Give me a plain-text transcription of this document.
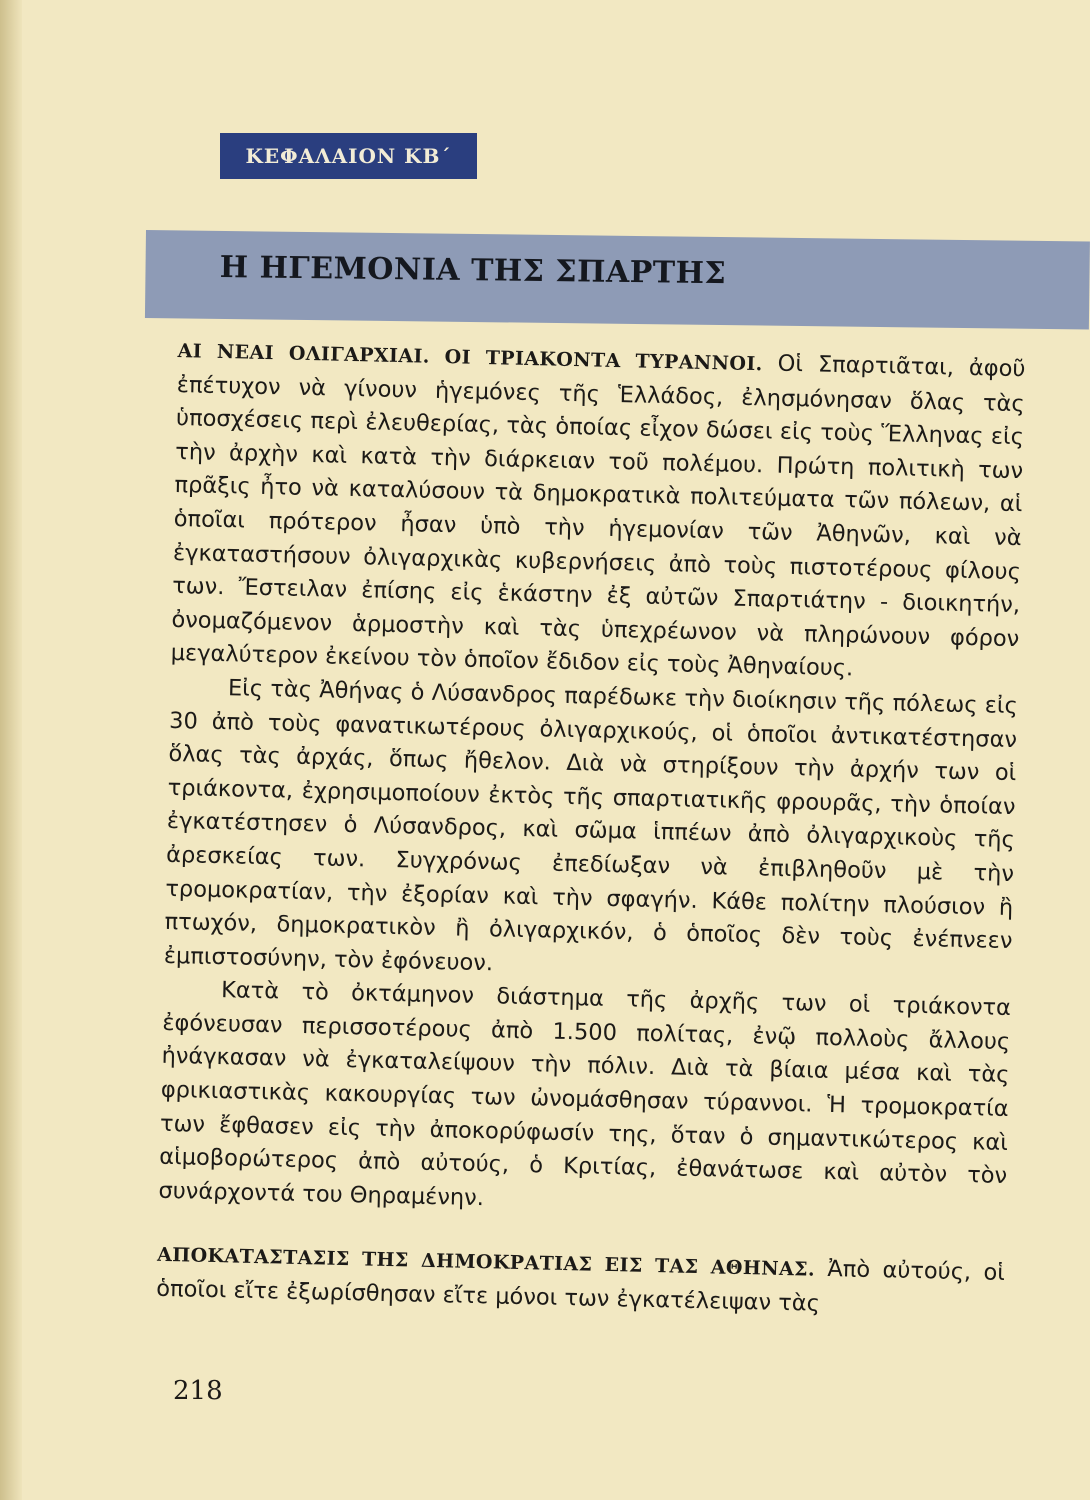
ΚΕΦΑΛΑΙΟΝ ΚΒ΄
Η ΗΓΕΜΟΝΙΑ ΤΗΣ ΣΠΑΡΤΗΣ

ΑΙ ΝΕΑΙ ΟΛΙΓΑΡΧΙΑΙ. ΟΙ ΤΡΙΑΚΟΝΤΑ ΤΥΡΑΝΝΟΙ. Οἱ Σπαρτιᾶται, ἀφοῦ ἐπέτυχον νὰ γίνουν ἡγεμόνες τῆς Ἑλλάδος, ἐλησμόνησαν ὅλας τὰς ὑποσχέσεις περὶ ἐλευθερίας, τὰς ὁποίας εἶχον δώσει εἰς τοὺς Ἕλληνας εἰς τὴν ἀρχὴν καὶ κατὰ τὴν διάρκειαν τοῦ πολέμου. Πρώτη πολιτικὴ των πρᾶξις ἦτο νὰ καταλύσουν τὰ δημοκρατικὰ πολιτεύματα τῶν πόλεων, αἱ ὁποῖαι πρότερον ἦσαν ὑπὸ τὴν ἡγεμονίαν τῶν Ἀθηνῶν, καὶ νὰ ἐγκαταστήσουν ὀλιγαρχικὰς κυβερνήσεις ἀπὸ τοὺς πιστοτέρους φίλους των. Ἔστειλαν ἐπίσης εἰς ἑκάστην ἐξ αὐτῶν Σπαρτιάτην - διοικητήν, ὀνομαζόμενον ἁρμοστὴν καὶ τὰς ὑπεχρέωνον νὰ πληρώνουν φόρον μεγαλύτερον ἐκείνου τὸν ὁποῖον ἔδιδον εἰς τοὺς Ἀθηναίους.

Εἰς τὰς Ἀθήνας ὁ Λύσανδρος παρέδωκε τὴν διοίκησιν τῆς πόλεως εἰς 30 ἀπὸ τοὺς φανατικωτέρους ὀλιγαρχικούς, οἱ ὁποῖοι ἀντικατέστησαν ὅλας τὰς ἀρχάς, ὅπως ἤθελον. Διὰ νὰ στηρίξουν τὴν ἀρχήν των οἱ τριάκοντα, ἐχρησιμοποίουν ἐκτὸς τῆς σπαρτιατικῆς φρουρᾶς, τὴν ὁποίαν ἐγκατέστησεν ὁ Λύσανδρος, καὶ σῶμα ἱππέων ἀπὸ ὀλιγαρχικοὺς τῆς ἀρεσκείας των. Συγχρόνως ἐπεδίωξαν νὰ ἐπιβληθοῦν μὲ τὴν τρομοκρατίαν, τὴν ἐξορίαν καὶ τὴν σφαγήν. Κάθε πολίτην πλούσιον ἢ πτωχόν, δημοκρατικὸν ἢ ὀλιγαρχικόν, ὁ ὁποῖος δὲν τοὺς ἐνέπνεεν ἐμπιστοσύνην, τὸν ἐφόνευον.

Κατὰ τὸ ὀκτάμηνον διάστημα τῆς ἀρχῆς των οἱ τριάκοντα ἐφόνευσαν περισσοτέρους ἀπὸ 1.500 πολίτας, ἐνῷ πολλοὺς ἄλλους ἠνάγκασαν νὰ ἐγκαταλείψουν τὴν πόλιν. Διὰ τὰ βίαια μέσα καὶ τὰς φρικιαστικὰς κακουργίας των ὠνομάσθησαν τύραννοι. Ἡ τρομοκρατία των ἔφθασεν εἰς τὴν ἀποκορύφωσίν της, ὅταν ὁ σημαντικώτερος καὶ αἱμοβορώτερος ἀπὸ αὐτούς, ὁ Κριτίας, ἐθανάτωσε καὶ αὐτὸν τὸν συνάρχοντά του Θηραμένην.

ΑΠΟΚΑΤΑΣΤΑΣΙΣ ΤΗΣ ΔΗΜΟΚΡΑΤΙΑΣ ΕΙΣ ΤΑΣ ΑΘΗΝΑΣ. Ἀπὸ αὐτούς, οἱ ὁποῖοι εἴτε ἐξωρίσθησαν εἴτε μόνοι των ἐγκατέλειψαν τὰς

218
